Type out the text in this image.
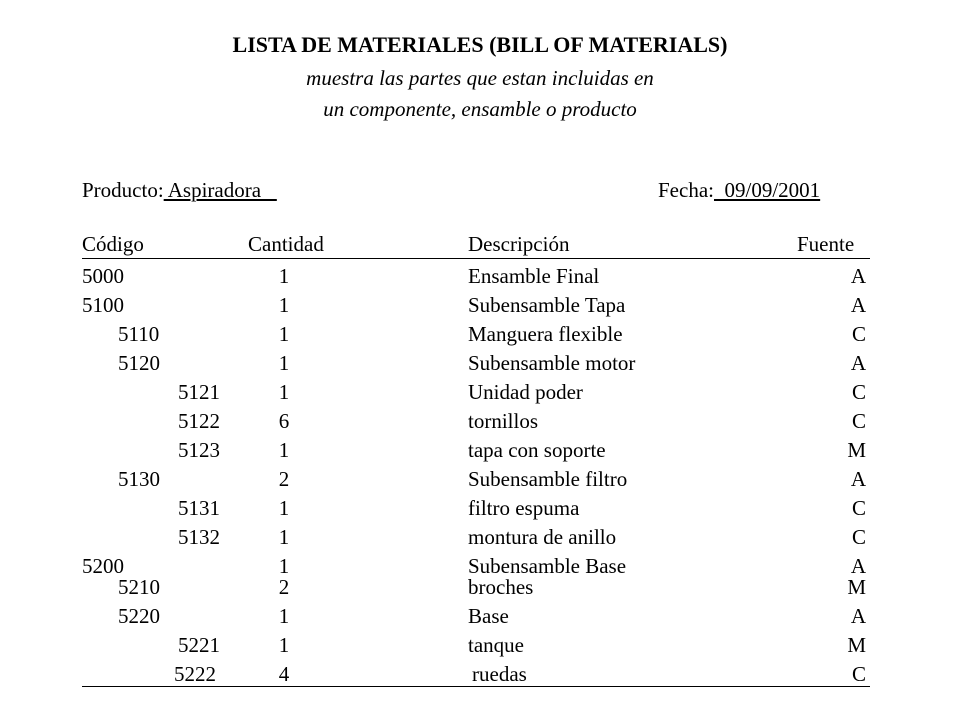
LISTA DE MATERIALES (BILL OF MATERIALS)
muestra las partes que estan incluidas en
un componente, ensamble o producto
Producto: Aspiradora	Fecha:  09/09/2001
Código	Cantidad	Descripción	Fuente
5000	1	Ensamble Final	A
5100	1	Subensamble Tapa	A
5110	1	Manguera flexible	C
5120	1	Subensamble motor	A
5121	1	Unidad poder	C
5122	6	tornillos	C
5123	1	tapa con soporte	M
5130	2	Subensamble filtro	A
5131	1	filtro espuma	C
5132	1	montura de anillo	C
5200	1	Subensamble Base	A
5210	2	broches	M
5220	1	Base	A
5221	1	tanque	M
5222	4	ruedas	C
